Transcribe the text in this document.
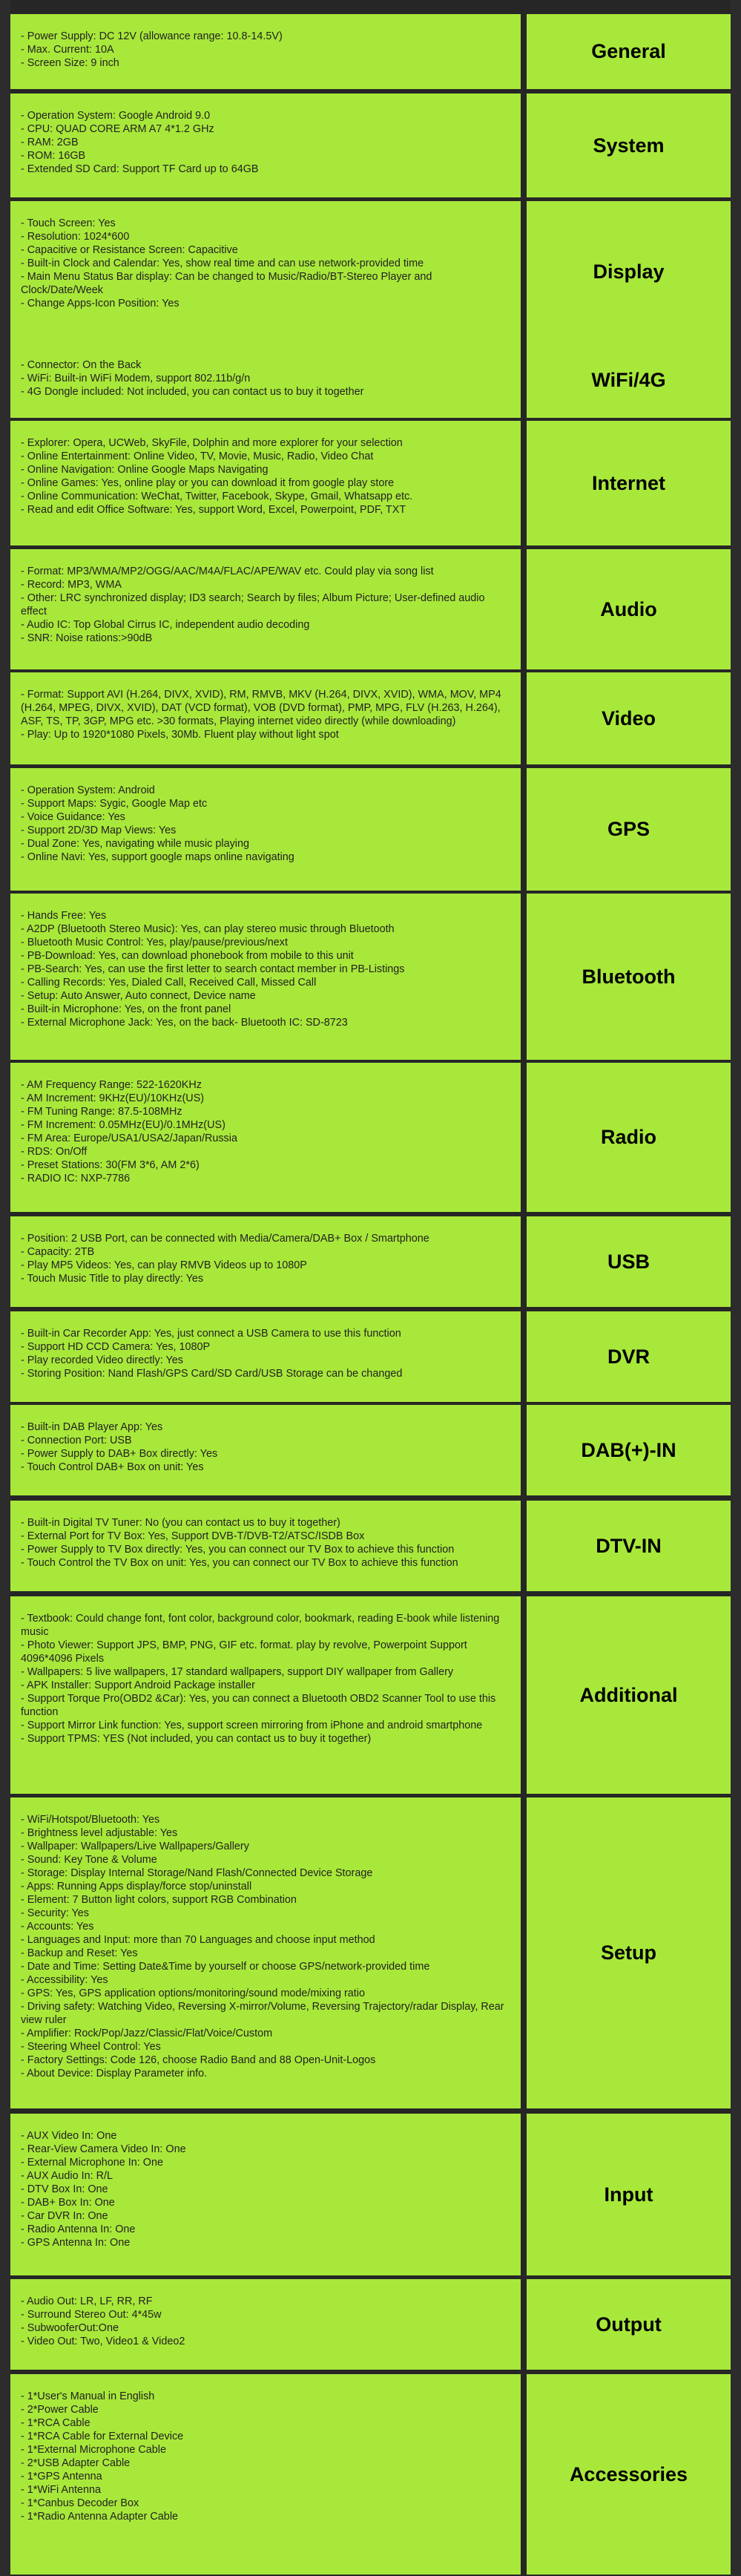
- Power Supply: DC 12V (allowance range: 10.8-14.5V)
- Max. Current: 10A
- Screen Size: 9 inch
General
- Operation System: Google Android 9.0
- CPU: QUAD CORE ARM A7 4*1.2 GHz
- RAM: 2GB
- ROM: 16GB
- Extended SD Card: Support TF Card up to 64GB
System
- Touch Screen: Yes
- Resolution: 1024*600
- Capacitive or Resistance Screen: Capacitive
- Built-in Clock and Calendar: Yes, show real time and can use network-provided time
- Main Menu Status Bar display: Can be changed to Music/Radio/BT-Stereo Player and Clock/Date/Week
- Change Apps-Icon Position: Yes
Display
- Connector: On the Back
- WiFi: Built-in WiFi Modem, support 802.11b/g/n
- 4G Dongle included: Not included, you can contact us to buy it together
WiFi/4G
- Explorer: Opera, UCWeb, SkyFile, Dolphin and more explorer for your selection
- Online Entertainment: Online Video, TV, Movie, Music, Radio, Video Chat
- Online Navigation: Online Google Maps Navigating
- Online Games: Yes, online play or you can download it from google play store
- Online Communication: WeChat, Twitter, Facebook, Skype, Gmail, Whatsapp etc.
- Read and edit Office Software: Yes, support Word, Excel, Powerpoint, PDF, TXT
Internet
- Format: MP3/WMA/MP2/OGG/AAC/M4A/FLAC/APE/WAV etc. Could play via song list
- Record: MP3, WMA
- Other: LRC synchronized display; ID3 search; Search by files; Album Picture; User-defined audio effect
- Audio IC: Top Global Cirrus IC, independent audio decoding
- SNR: Noise rations:>90dB
Audio
- Format: Support AVI (H.264, DIVX, XVID), RM, RMVB, MKV (H.264, DIVX, XVID), WMA, MOV, MP4 (H.264, MPEG, DIVX, XVID), DAT (VCD format), VOB (DVD format), PMP, MPG, FLV (H.263, H.264), ASF, TS, TP, 3GP, MPG etc. >30 formats, Playing internet video directly (while downloading)
- Play: Up to 1920*1080 Pixels, 30Mb. Fluent play without light spot
Video
- Operation System: Android
- Support Maps: Sygic, Google Map etc
- Voice Guidance: Yes
- Support 2D/3D Map Views: Yes
- Dual Zone: Yes, navigating while music playing
- Online Navi: Yes, support google maps online navigating
GPS
- Hands Free: Yes
- A2DP (Bluetooth Stereo Music): Yes, can play stereo music through Bluetooth
- Bluetooth Music Control: Yes, play/pause/previous/next
- PB-Download: Yes, can download phonebook from mobile to this unit
- PB-Search: Yes, can use the first letter to search contact member in PB-Listings
- Calling Records: Yes, Dialed Call, Received Call, Missed Call
- Setup: Auto Answer, Auto connect, Device name
- Built-in Microphone: Yes, on the front panel
- External Microphone Jack: Yes, on the back- Bluetooth IC: SD-8723
Bluetooth
- AM Frequency Range: 522-1620KHz
- AM Increment: 9KHz(EU)/10KHz(US)
- FM Tuning Range: 87.5-108MHz
- FM Increment: 0.05MHz(EU)/0.1MHz(US)
- FM Area: Europe/USA1/USA2/Japan/Russia
- RDS: On/Off
- Preset Stations: 30(FM 3*6, AM 2*6)
- RADIO IC: NXP-7786
Radio
- Position: 2 USB Port, can be connected with Media/Camera/DAB+ Box / Smartphone
- Capacity: 2TB
- Play MP5 Videos: Yes, can play RMVB Videos up to 1080P
- Touch Music Title to play directly: Yes
USB
- Built-in Car Recorder App: Yes, just connect a USB Camera to use this function
- Support HD CCD Camera: Yes, 1080P
- Play recorded Video directly: Yes
- Storing Position: Nand Flash/GPS Card/SD Card/USB Storage can be changed
DVR
- Built-in DAB Player App: Yes
- Connection Port: USB
- Power Supply to DAB+ Box directly: Yes
- Touch Control DAB+ Box on unit: Yes
DAB(+)-IN
- Built-in Digital TV Tuner: No (you can contact us to buy it together)
- External Port for TV Box: Yes, Support DVB-T/DVB-T2/ATSC/ISDB Box
- Power Supply to TV Box directly: Yes, you can connect our TV Box to achieve this function
- Touch Control the TV Box on unit: Yes, you can connect our TV Box to achieve this function
DTV-IN
- Textbook: Could change font, font color, background color, bookmark, reading E-book while listening music
- Photo Viewer: Support JPS, BMP, PNG, GIF etc. format. play by revolve, Powerpoint Support 4096*4096 Pixels
- Wallpapers: 5 live wallpapers, 17 standard wallpapers, support DIY wallpaper from Gallery
- APK Installer: Support Android Package installer
- Support Torque Pro(OBD2 &Car): Yes, you can connect a Bluetooth OBD2 Scanner Tool to use this function
- Support Mirror Link function: Yes, support screen mirroring from iPhone and android smartphone
- Support TPMS: YES (Not included, you can contact us to buy it together)
Additional
- WiFi/Hotspot/Bluetooth: Yes
- Brightness level adjustable: Yes
- Wallpaper: Wallpapers/Live Wallpapers/Gallery
- Sound: Key Tone & Volume
- Storage: Display Internal Storage/Nand Flash/Connected Device Storage
- Apps: Running Apps display/force stop/uninstall
- Element: 7 Button light colors, support RGB Combination
- Security: Yes
- Accounts: Yes
- Languages and Input: more than 70 Languages and choose input method
- Backup and Reset: Yes
- Date and Time: Setting Date&Time by yourself or choose GPS/network-provided time
- Accessibility: Yes
- GPS: Yes, GPS application options/monitoring/sound mode/mixing ratio
- Driving safety: Watching Video, Reversing X-mirror/Volume, Reversing Trajectory/radar Display, Rear view ruler
- Amplifier: Rock/Pop/Jazz/Classic/Flat/Voice/Custom
- Steering Wheel Control: Yes
- Factory Settings: Code 126, choose Radio Band and 88 Open-Unit-Logos
- About Device: Display Parameter info.
Setup
- AUX Video In: One
- Rear-View Camera Video In: One
- External Microphone In: One
- AUX Audio In: R/L
- DTV Box In: One
- DAB+ Box In: One
- Car DVR In: One
- Radio Antenna In: One
- GPS Antenna In: One
Input
- Audio Out: LR, LF, RR, RF
- Surround Stereo Out: 4*45w
- SubwooferOut:One
- Video Out: Two, Video1 & Video2
Output
- 1*User's Manual in English
- 2*Power Cable
- 1*RCA Cable
- 1*RCA Cable for External Device
- 1*External Microphone Cable
- 2*USB Adapter Cable
- 1*GPS Antenna
- 1*WiFi Antenna
- 1*Canbus Decoder Box
- 1*Radio Antenna Adapter Cable
Accessories
